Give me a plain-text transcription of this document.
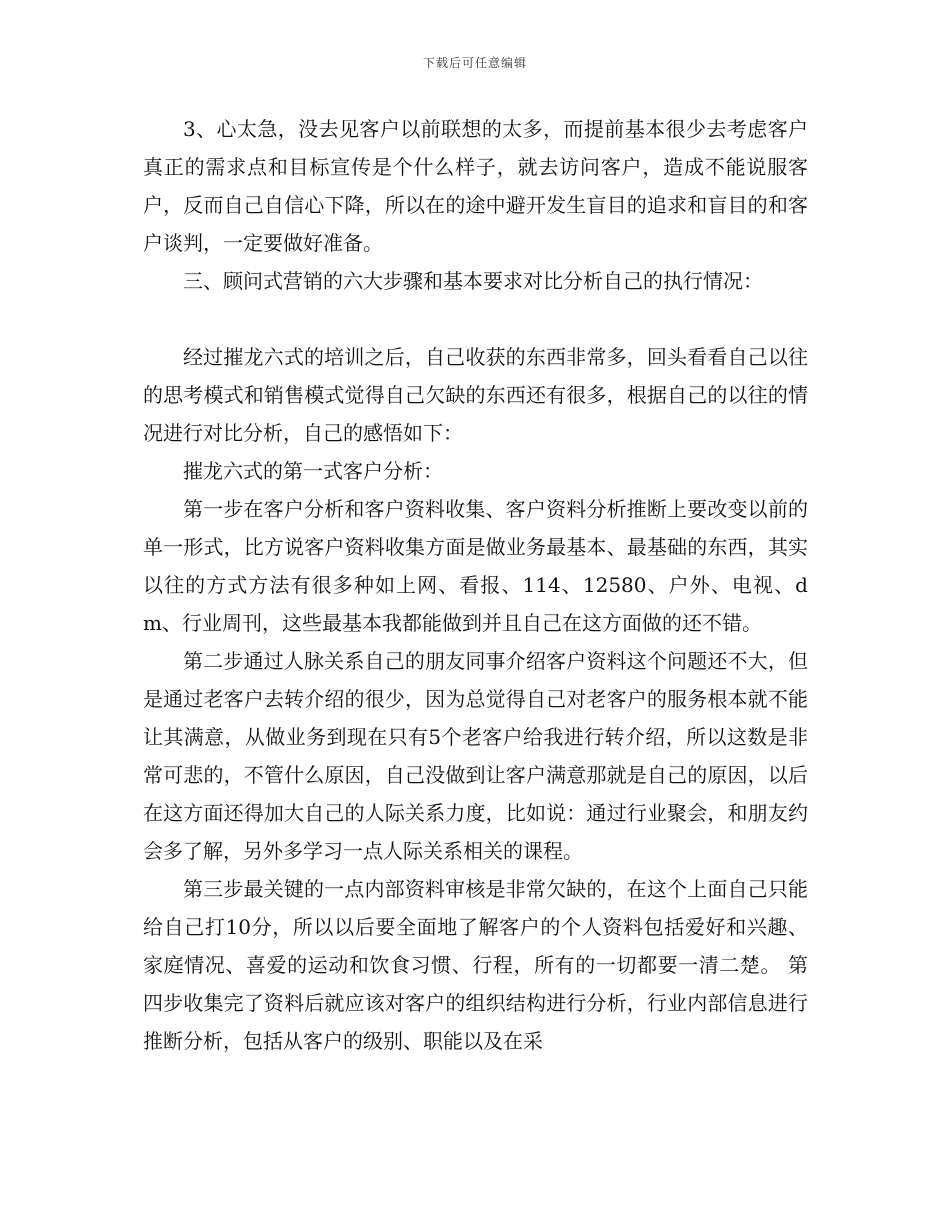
下载后可任意编辑

3、心太急，没去见客户以前联想的太多，而提前基本很少去考虑客户真正的需求点和目标宣传是个什么样子，就去访问客户，造成不能说服客户，反而自己自信心下降，所以在的途中避开发生盲目的追求和盲目的和客户谈判，一定要做好准备。

三、顾问式营销的六大步骤和基本要求对比分析自己的执行情况：

经过摧龙六式的培训之后，自己收获的东西非常多，回头看看自己以往的思考模式和销售模式觉得自己欠缺的东西还有很多，根据自己的以往的情况进行对比分析，自己的感悟如下：

摧龙六式的第一式客户分析：

第一步在客户分析和客户资料收集、客户资料分析推断上要改变以前的单一形式，比方说客户资料收集方面是做业务最基本、最基础的东西，其实以往的方式方法有很多种如上网、看报、114、12580、户外、电视、dm、行业周刊，这些最基本我都能做到并且自己在这方面做的还不错。

第二步通过人脉关系自己的朋友同事介绍客户资料这个问题还不大，但是通过老客户去转介绍的很少，因为总觉得自己对老客户的服务根本就不能让其满意，从做业务到现在只有5个老客户给我进行转介绍，所以这数是非常可悲的，不管什么原因，自己没做到让客户满意那就是自己的原因，以后在这方面还得加大自己的人际关系力度，比如说：通过行业聚会，和朋友约会多了解，另外多学习一点人际关系相关的课程。

第三步最关键的一点内部资料审核是非常欠缺的，在这个上面自己只能给自己打10分，所以以后要全面地了解客户的个人资料包括爱好和兴趣、家庭情况、喜爱的运动和饮食习惯、行程，所有的一切都要一清二楚。 第四步收集完了资料后就应该对客户的组织结构进行分析，行业内部信息进行推断分析，包括从客户的级别、职能以及在采
